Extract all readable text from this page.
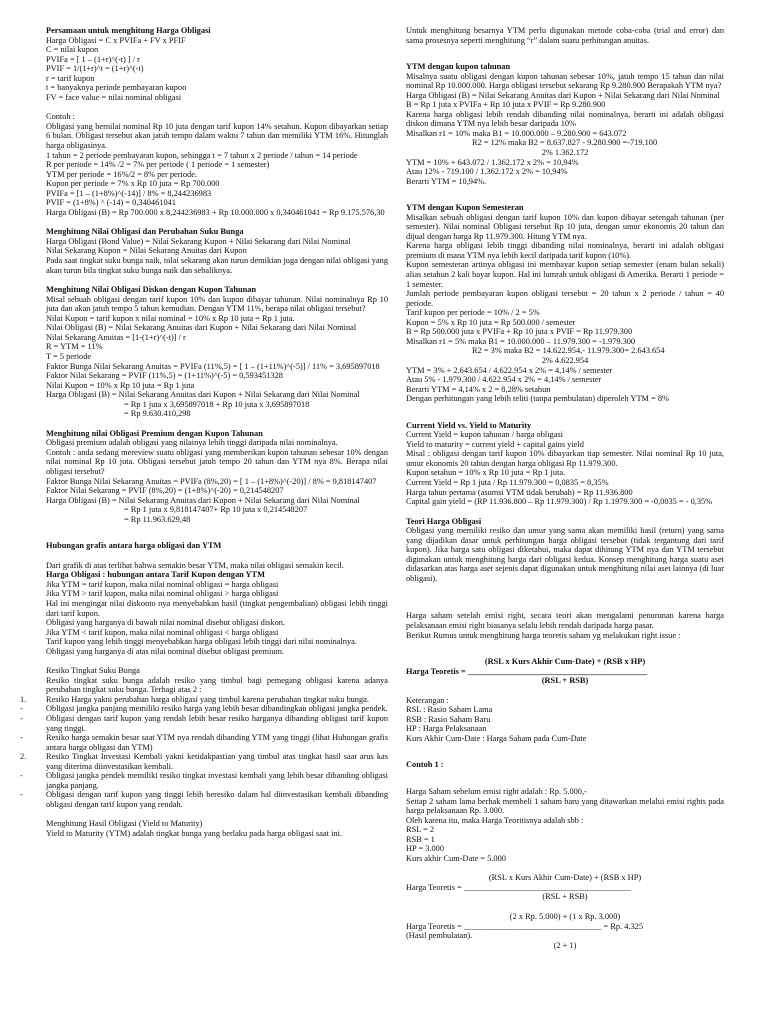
Persamaan untuk menghitung Harga Obligasi

Harga Obligasi = C x PVIFa + FV x PFIF

C = nilai kupon

PVIFa = [ 1 – (1+r)^(-t) ] / r

PVIF = 1/(1+r)^t = (1+r)^(-t)

r = tarif kupon

t = banyaknya periode pembayaran kupon

FV = face value = nilai nominal obligasi

Contoh :

Obligasi yang bernilai nominal Rp 10 juta dengan tarif kupon 14% setahun. Kupon dibayarkan setiap 6 bulan. Obligasi tersebut akan jatuh tempo dalam waktu 7 tahun dan memiliki YTM 16%. Hitunglah harga obligasinya.

1 tahun = 2 periode pembayaran kupon, sehingga t = 7 tahun x 2 periode / tahun = 14 periode

R per periode = 14% /2 = 7% per periode ( 1 periode = 1 semester)

YTM per periode = 16%/2 = 8% per periode.

Kupon per periode = 7% x Rp 10 juta = Rp 700.000

PVIFa = [1 – (1+8%)^(-14)] / 8% = 8,244236983

PVIF = (1+8%) ^ (-14) = 0,340461041

Harga Obligasi (B) = Rp 700.000 x 8,244236983 + Rp 10.000.000 x 0,340461041 = Rp 9.175.576,30

Menghitung Nilai Obligasi dan Perubahan Suku Bunga

Harga Obligasi (Bond Value) = Nilai Sekarang Kupon + Nilai Sekarang dari Nilai Nominal

Nilai Sekarang Kupon = Nilai Sekarang Anuitas dari Kupon

Pada saat tingkat suku bunga naik, nilai sekarang akan turun demikian juga dengan nilai obligasi yang akan turun bila tingkat suku bunga naik dan sebaliknya.

Menghitung Nilai Obligasi Diskon dengan Kupon Tahunan

Misal sebuah obligasi dengan tarif kupon 10% dan kupon dibayar tahunan. Nilai nominalnya Rp 10 juta dan akan jatuh tempo 5 tahun kemudian. Dengan YTM 11%, berapa nilai obligasi tersebut?

Nilai Kupon = tarif kupon x nilai nominal = 10% x Rp 10 juta = Rp 1 juta.

Nilai Obligasi (B) = Nilai Sekarang Anuitas dari Kupon + Nilai Sekarang dari Nilai Nominal

Nilai Sekarang Anuitas = [1-(1+r)^(-t)] / r

R = YTM = 11%

T = 5 periode

Faktor Bunga Nilai Sekarang Anuitas = PVIFa (11%,5) = [ 1 – (1+11%)^(-5)] / 11% = 3,695897018

Faktor Nilai Sekarang = PVIF (11%,5) = (1+11%)^(-5) = 0,593451328

Nilai Kupon = 10% x Rp 10 juta = Rp 1 juta

Harga Obligasi (B) = Nilai Sekarang Anuitas dari Kupon + Nilai Sekarang dari Nilai Nominal

= Rp 1 juta x 3,695897018 + Rp 10 juta x 3,695897018

= Rp 9.630.410,298

Menghitung nilai Obligasi Premium dengan Kupon Tahunan

Obligasi premium adalah obligasi yang nilainya lebih tinggi daripada nilai nominalnya.

Contoh : anda sedang mereview suatu obligasi yang memberikan kupon tahunan sebesar 10% dengan nilai nominal Rp 10 juta. Obligasi tersebut jatuh tempo 20 tahun dan YTM nya 8%. Berapa nilai obligasi tersebut?

Faktor Bunga Nilai Sekarang Anuitas = PVIFa (8%,20) = [ 1 – (1+8%)^(-20)] / 8% = 9,818147407

Faktor Nilai Sekarang = PVIF (8%,20) = (1+8%)^(-20) = 0,214548207

Harga Obligasi (B) = Nilai Sekarang Anuitas dari Kupon + Nilai Sekarang dari Nilai Nominal

= Rp 1 juta x 9,818147407+ Rp 10 juta x 0,214548207

= Rp 11.963.629,48

Hubungan grafis antara harga obligasi dan YTM

Dari grafik di atas terlihat bahwa semakin besar YTM, maka nilai obligasi semakin kecil.

Harga Obligasi : hubungan antara Tarif Kupon dengan YTM

Jika YTM = tarif kupon, maka nilai nominal obligasi = harga obligasi

Jika YTM > tarif kupon, maka nilai nominal obligasi > harga obligasi

Hal ini mengingat nilai diskonto nya menyebabkan hasil (tingkat pengembalian) obligasi lebih tinggi dari tarif kupon.

Obligasi yang harganya di bawah nilai nominal disebut obligasi diskon.

Jika YTM < tarif kupon, maka nilai nominal obligasi < harga obligasi

Tarif kupon yang lebih tinggi menyebabkan harga obligasi lebih tinggi dari nilai nominalnya.

Obligasi yang harganya di atas nilai nominal disebut obligasi premium.

Resiko Tingkat Suku Bunga

Resiko tingkat suku bunga adalah resiko yang timbul bagi pemegang obligasi karena adanya perubahan tingkat suku bunga. Terbagi atas 2 :

1.	Resiko Harga yakni perubahan harga obligasi yang timbul karena perubahan tingkat suku bunga.

-	Obligasi jangka panjang memiliki resiko harga yang lebih besar dibandingkan obligasi jangka pendek.

-	Obligasi dengan tarif kupon yang rendah lebih besar resiko harganya dibanding obligasi tarif kupon yang tinggi.

-	Resiko harga semakin besar saat YTM nya rendah dibanding YTM yang tinggi (lihat Hubungan grafis antara harga obligasi dan YTM)

2.	Resiko Tingkat Investasi Kembali yakni ketidakpastian yang timbul atas tingkat hasil saat arus kas yang diterima diinvestasikan kembali.

-	Obligasi jangka pendek memiliki resiko tingkat investasi kembali yang lebih besar dibanding obligasi jangka panjang.

-	Obligasi dengan tarif kupon yang tinggi lebih beresiko dalam hal diinvestasikan kembali dibanding obligasi dengan tarif kupon yang rendah.

Menghitung Hasil Obligasi (Yield to Maturity)

Yield to Maturity (YTM) adalah tingkat bunga yang berlaku pada harga obligasi saat ini.

Untuk menghitung besarnya YTM perlu digunakan metode coba-coba (trial and error) dan sama prosesnya seperti menghitung “r” dalam suatu perhitungan anuitas.

YTM dengan kupon tahunan

Misalnya suatu obligasi dengan kupon tahunan sebesar 10%, jatuh tempo 15 tahun dan nilai nominal Rp 10.000.000. Harga obligasi tersebut sekarang Rp 9.280.900 Berapakah YTM nya?

Harga Obligasi (B) = Nilai Sekarang Anuitas dari Kupon + Nilai Sekarang dari Nilai Nominal

B = Rp 1 juta x PVIFa + Rp 10 juta x PVIF = Rp 9.280.900

Karena harga obligasi lebih rendah dibanding nilai nominalnya, berarti ini adalah obligasi diskon dimana YTM nya lebih besar daripada 10%

Misalkan r1 = 10% maka B1 = 10.000.000 – 9.280.900 = 643.072

R2 = 12% maka B2 = 8.637.827 - 9.280.900 =-719.100

2% 1.362.172

YTM = 10% + 643.072 / 1.362.172 x 2% = 10,94%

Atau 12% - 719.100 / 1.362.172 x 2% = 10,94%

Berarti YTM = 10,94%.

YTM dengan Kupon Semesteran

Misalkan sebuah obligasi dengan tarif kupon 10% dan kupon dibayar setengah tahunan (per semester). Nilai nominal Obligasi tersebut Rp 10 juta, dengan umur ekonomis 20 tahun dan dijual dengan harga Rp 11.979.300. Hitung YTM nya.

Karena harga obligasi lebih tinggi dibanding nilai nominalnya, berarti ini adalah obligasi premium di mana YTM nya lebih kecil daripada tarif kupon (10%).

Kupon semesteran artinya obligasi ini membayar kupon setiap semester (enam bulan sekali) alias setahun 2 kali bayar kupon. Hal ini lumrah untuk obligasi di Amerika. Berarti 1 periode = 1 semester.

Jumlah periode pembayaran kupon obligasi tersebut = 20 tahun x 2 periode / tahun = 40 periode.

Tarif kupon per periode = 10% / 2 = 5%

Kupon = 5% x Rp 10 juta = Rp 500.000 / semester

B = Rp 500.000 juta x PVIFa + Rp 10 juta x PVIF = Rp 11.979.300

Misalkan r1 = 5% maka B1 = 10.000.000 – 11.979.300 = -1.979.300

R2 = 3% maka B2 = 14.622.954,- 11.979.300= 2.643.654

2% 4.622.954

YTM = 3% + 2.643.654 / 4.622.954 x 2% = 4,14% / semester

Atau 5% - 1.979.300 / 4.622.954 x 2% = 4,14% / semester

Berarti YTM = 4,14% x 2 = 8,28% setahun

Dengan perhitungan yang lebih teliti (tanpa pembulatan) diperoleh YTM = 8%

Current Yield vs. Yield to Maturity

Current Yield = kupon tahunan / harga obligasi

Yield to maturity = current yield + capital gains yield

Misal : obligasi dengan tarif kupon 10% dibayarkan tiap semester. Nilai nominal Rp 10 juta, umur ekonomis 20 tahun dengan harga obligasi Rp 11.979.300.

Kupon setahun = 10% x Rp 10 juta = Rp 1 juta.

Current Yield = Rp 1 juta / Rp 11.979.300 = 0,0835 = 8,35%

Harga tahun pertama (asumsi YTM tidak berubah) = Rp 11.936.800

Capital gain yield = (RP 11.936.800 – Rp 11.979.300) / Rp 1.1979.300 = -0,0035 = - 0,35%

Teori Harga Obligasi

Obligasi yang memiliki resiko dan umur yang sama akan memiliki hasil (return) yang sama yang dijadikan dasar untuk perhitungan harga obligasi tersebut (tidak tergantung dari tarif kupon). Jika harga satu obligasi diketahui, maka dapat dihitung YTM nya dan YTM tersebut digunakan untuk menghitung harga dari obligasi kedua. Konsep menghitung harga suatu aset didasarkan atas harga aset sejenis dapat digunakan untuk menghitung nilai aset lainnya (di luar obligasi).

Harga saham setelah emisi right, secara teori akan mengalami penurunan karena harga pelaksanaan emisi right biasanya selalu lebih rendah daripada harga pasar.

Berikut Rumus untuk menghitung harga teoretis saham yg melakukan right issue :

(RSL x Kurs Akhir Cum-Date) + (RSB x HP)

Harga Teoretis = ___________________________________________

(RSL + RSB)

Keterangan :

RSL : Rasio Saham Lama

RSB : Rasio Saham Baru

HP : Harga Pelaksanaan

Kurs Akhir Cum-Date : Harga Saham pada Cum-Date

Contoh 1 :

Harga Saham sebelum emisi right adalah : Rp. 5.000,-

Setiap 2 saham lama berhak membeli 1 saham baru yang ditawarkan melalui emisi rights pada harga pelaksanaan Rp. 3.000.

Oleh karena itu, maka Harga Teoritisnya adalah sbb :

RSL = 2

RSB = 1

HP = 3.000

Kurs akhir Cum-Date = 5.000

(RSL x Kurs Akhir Cum-Date) + (RSB x HP)

Harga Teoretis = ________________________________________

(RSL + RSB)

(2 x Rp. 5.000) + (1 x Rp. 3.000)

Harga Teoretis = _________________________________ = Rp. 4.325

(Hasil pembulatan).

(2 + 1)
